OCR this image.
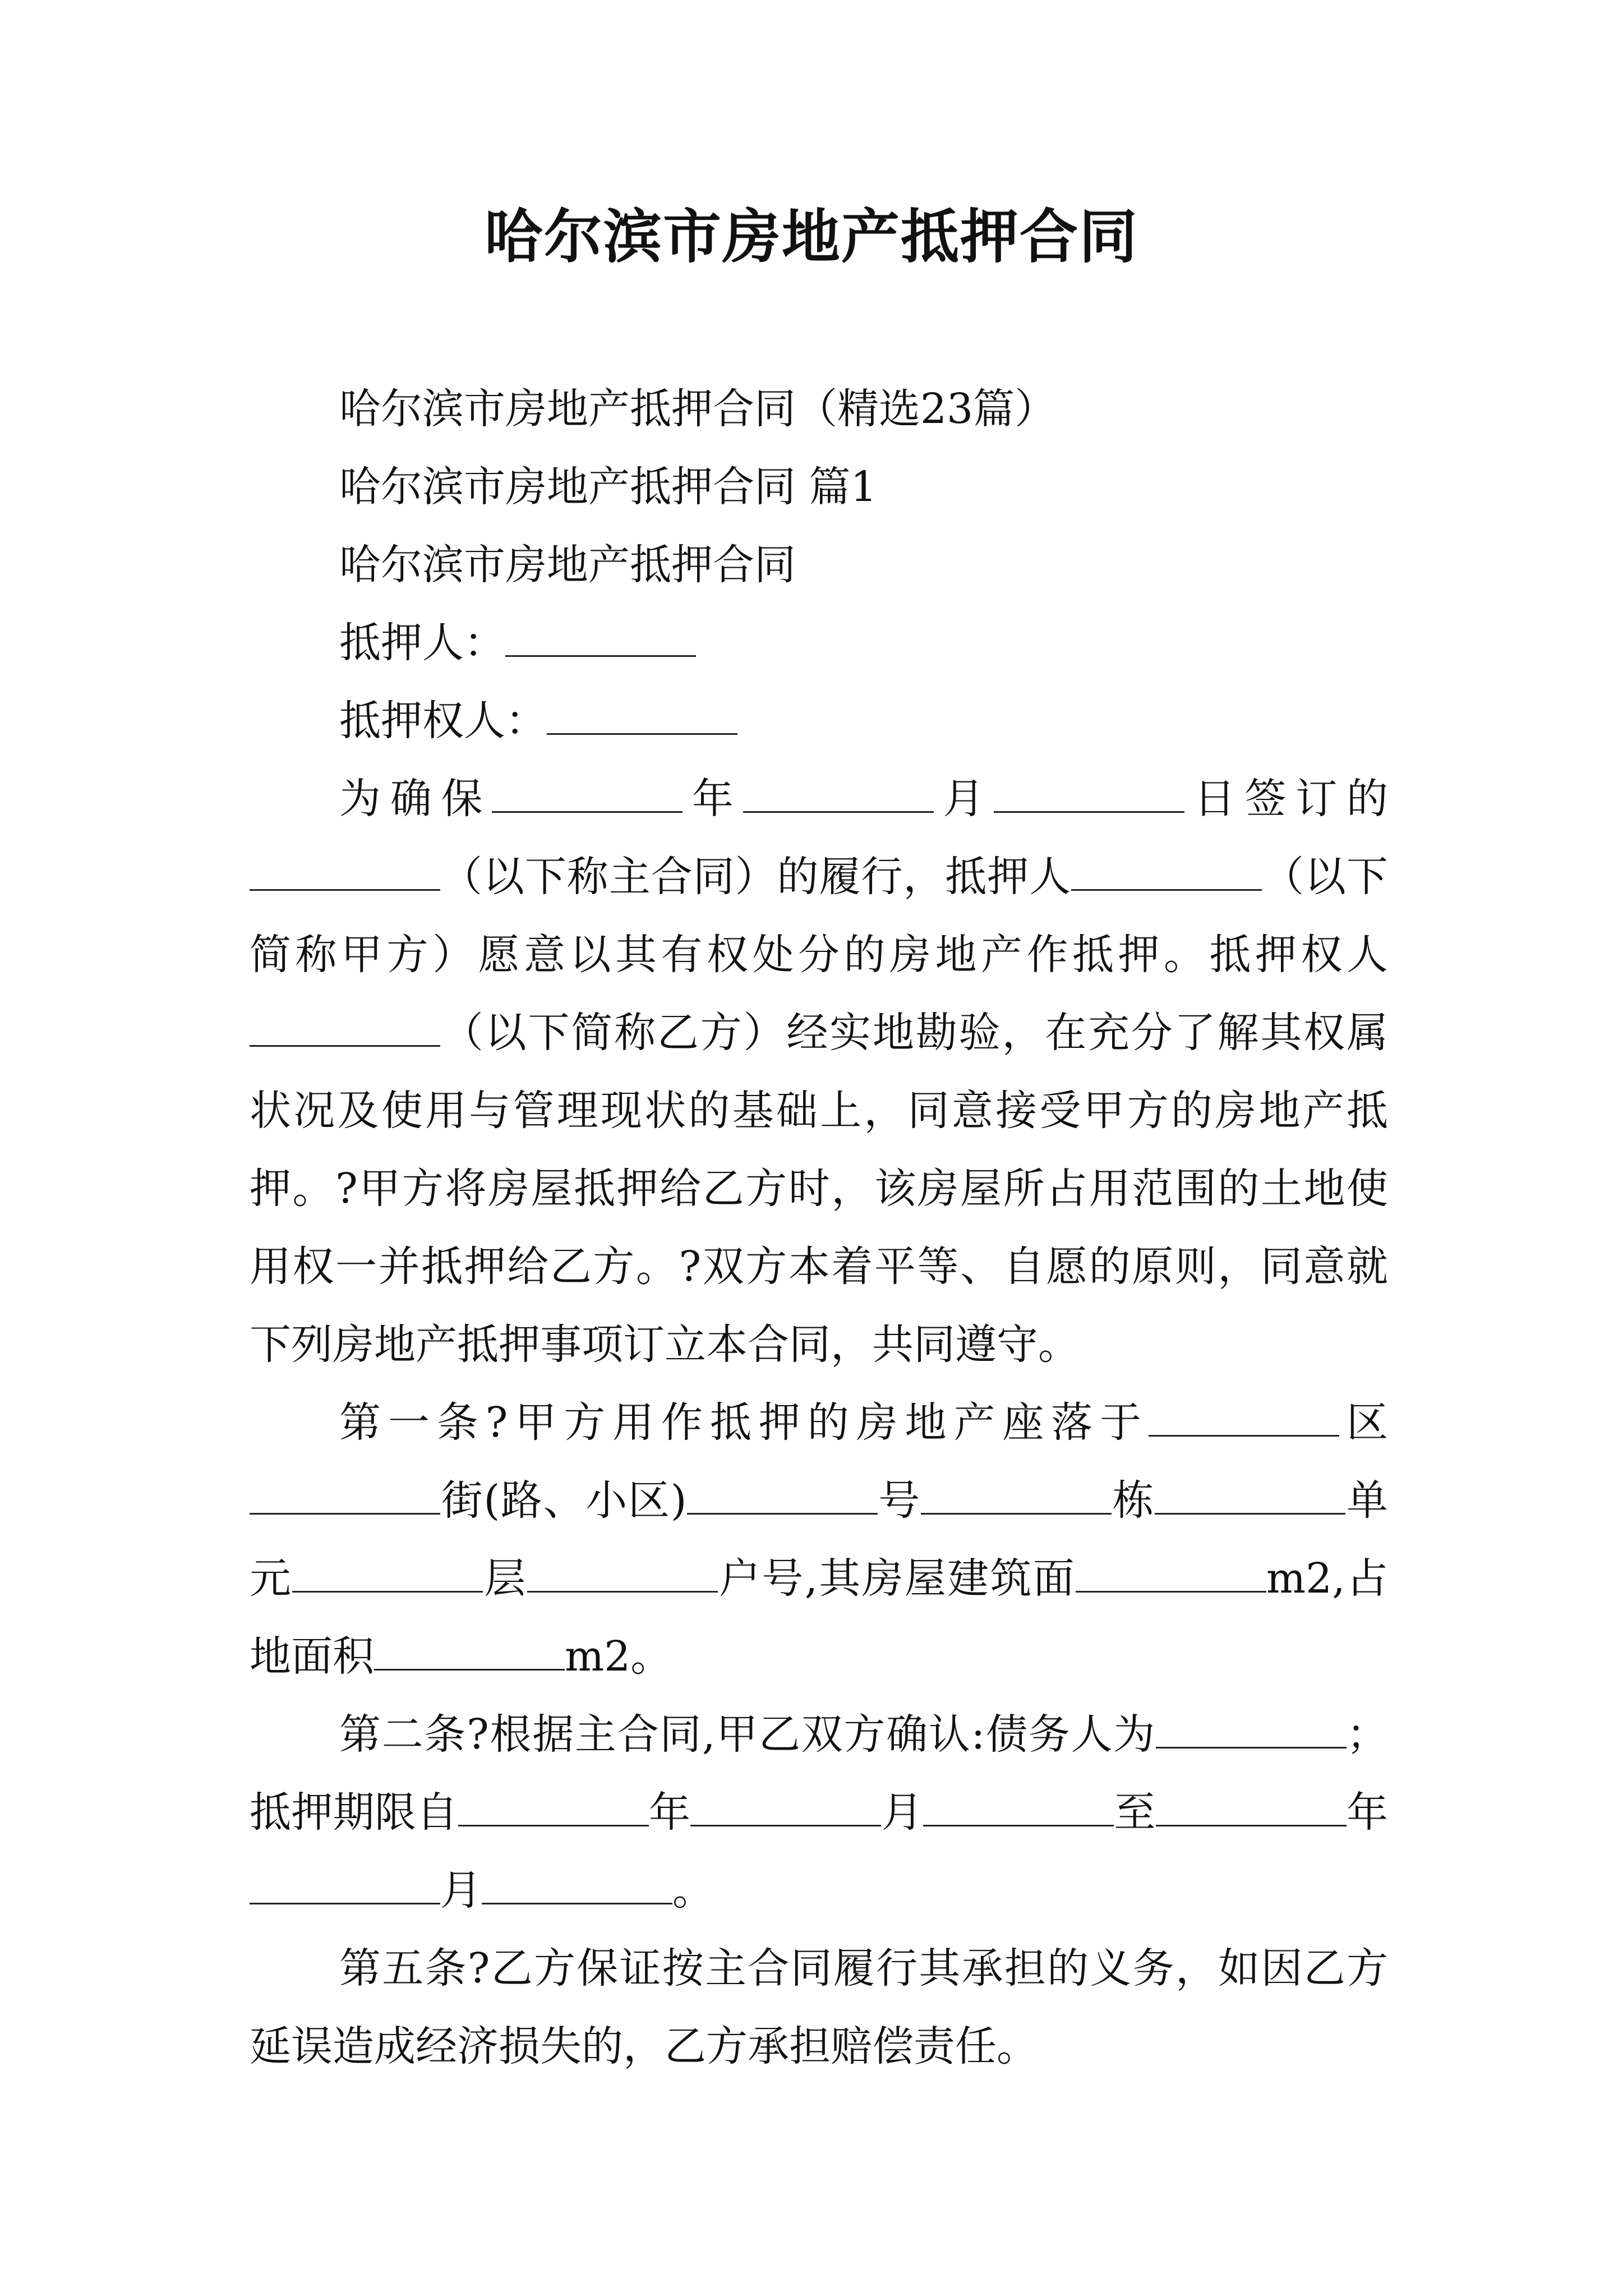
哈尔滨市房地产抵押合同

哈尔滨市房地产抵押合同（精选23篇）

哈尔滨市房地产抵押合同 篇1

哈尔滨市房地产抵押合同

抵押人：

抵押权人：

为确保	年	月	日签订的（以下称主合同）的履行，抵押人	（以下简称甲方）愿意以其有权处分的房地产作抵押。抵押权人（以下简称乙方）经实地勘验，在充分了解其权属状况及使用与管理现状的基础上，同意接受甲方的房地产抵押。?甲方将房屋抵押给乙方时，该房屋所占用范围的土地使用权一并抵押给乙方。?双方本着平等、自愿的原则，同意就下列房地产抵押事项订立本合同，共同遵守。

第一条?甲方用作抵押的房地产座落于	区街(路、小区)	号	栋	单元	层	户号,其房屋建筑面	m2,占地面积	m2。

第二条?根据主合同,甲乙双方确认:债务人为	；抵押期限自	年	月	至	年月	。

第五条?乙方保证按主合同履行其承担的义务，如因乙方延误造成经济损失的，乙方承担赔偿责任。
